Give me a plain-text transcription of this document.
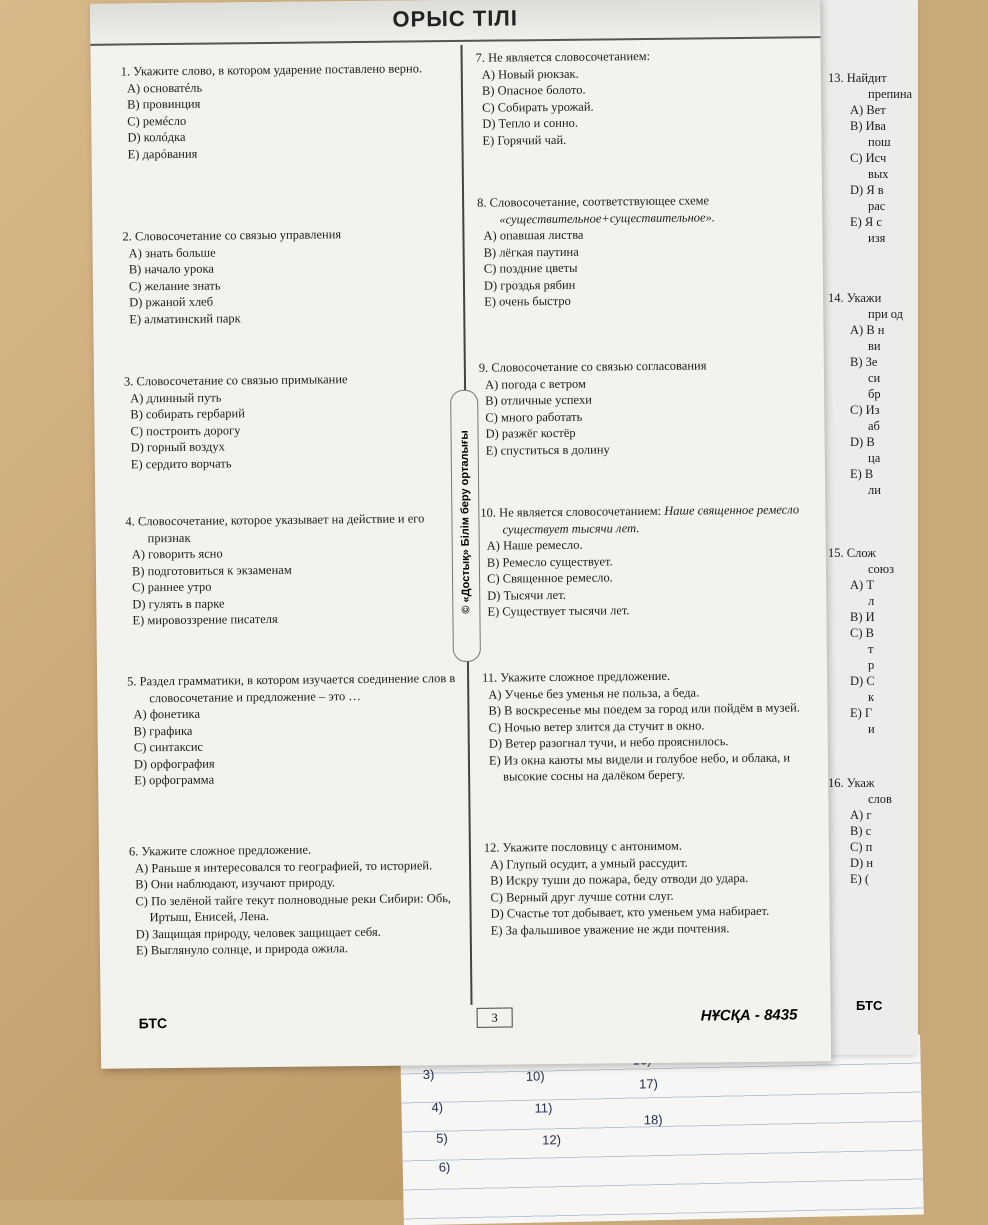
3)	10)	17)
4)	11)
5)	12)
18)
6)
13. Найдит
препина
A) Вет
B) Ива
пош
C) Исч
вых
D) Я в
рас
E) Я с
изя
14. Укажи
при од
A) В н
ви
B) Зе
си
бр
C) Из
аб
D) В
ца
E) В
ли
15. Слож
союз
A) Т
л
B) И
C) В
т
р
D) С
к
E) Г
и
16. Укаж
слов
A) г
B) с
C) п
D) н
E) (
БТС
ОРЫС ТІЛІ
© «Достық» Білім беру орталығы
1. Укажите слово, в котором ударение поставлено верно.
A) основатéль
B) провинция
C) ремéсло
D) колóдка
E) дарóвания
2. Словосочетание со связью управления
A) знать больше
B) начало урока
C) желание знать
D) ржаной хлеб
E) алматинский парк
3. Словосочетание со связью примыкание
A) длинный путь
B) собирать гербарий
C) построить дорогу
D) горный воздух
E) сердито ворчать
4. Словосочетание, которое указывает на действие и его признак
A) говорить ясно
B) подготовиться к экзаменам
C) раннее утро
D) гулять в парке
E) мировоззрение писателя
5. Раздел грамматики, в котором изучается соединение слов в словосочетание и предложение – это …
A) фонетика
B) графика
C) синтаксис
D) орфография
E) орфограмма
6. Укажите сложное предложение.
A) Раньше я интересовался то географией, то историей.
B) Они наблюдают, изучают природу.
C) По зелёной тайге текут полноводные реки Сибири: Обь, Иртыш, Енисей, Лена.
D) Защищая природу, человек защищает себя.
E) Выглянуло солнце, и природа ожила.
7. Не является словосочетанием:
A) Новый рюкзак.
B) Опасное болото.
C) Собирать урожай.
D) Тепло и сонно.
E) Горячий чай.
8. Словосочетание, соответствующее схеме «существительное+существительное».
A) опавшая листва
B) лёгкая паутина
C) поздние цветы
D) гроздья рябин
E) очень быстро
9. Словосочетание со связью согласования
A) погода с ветром
B) отличные успехи
C) много работать
D) разжёг костёр
E) спуститься в долину
10. Не является словосочетанием: Наше священное ремесло существует тысячи лет.
A) Наше ремесло.
B) Ремесло существует.
C) Священное ремесло.
D) Тысячи лет.
E) Существует тысячи лет.
11. Укажите сложное предложение.
A) Ученье без уменья не польза, а беда.
B) В воскресенье мы поедем за город или пойдём в музей.
C) Ночью ветер злится да стучит в окно.
D) Ветер разогнал тучи, и небо прояснилось.
E) Из окна каюты мы видели и голубое небо, и облака, и высокие сосны на далёком берегу.
12. Укажите пословицу с антонимом.
A) Глупый осудит, а умный рассудит.
B) Искру туши до пожара, беду отводи до удара.
C) Верный друг лучше сотни слуг.
D) Счастье тот добывает, кто уменьем ума набирает.
E) За фальшивое уважение не жди почтения.
БТС	3	НҰСҚА - 8435
